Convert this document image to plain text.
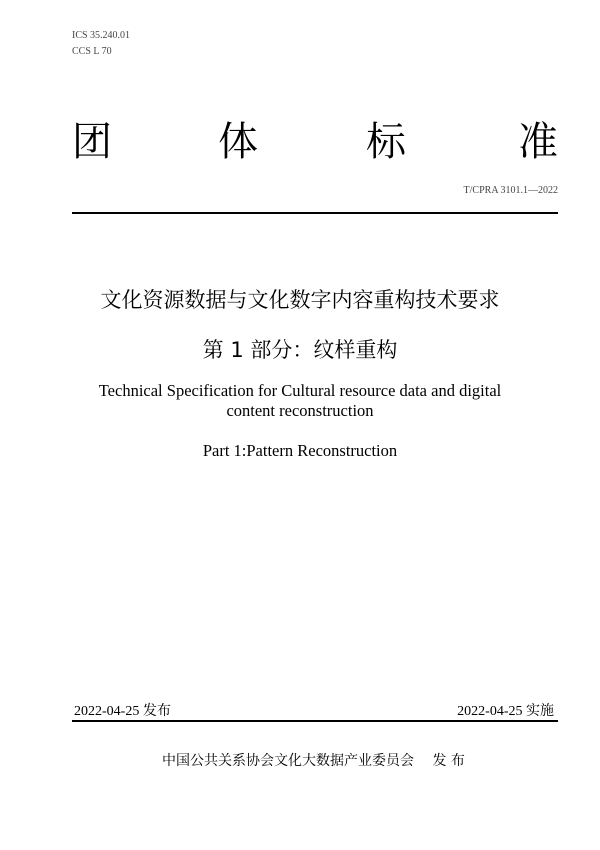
ICS 35.240.01
CCS L 70
团	体	标	准
T/CPRA 3101.1—2022
文化资源数据与文化数字内容重构技术要求
第 1 部分：纹样重构
Technical Specification for Cultural resource data and digital
content reconstruction
Part 1:Pattern Reconstruction
2022-04-25 发布	2022-04-25 实施
中国公共关系协会文化大数据产业委员会 发 布
